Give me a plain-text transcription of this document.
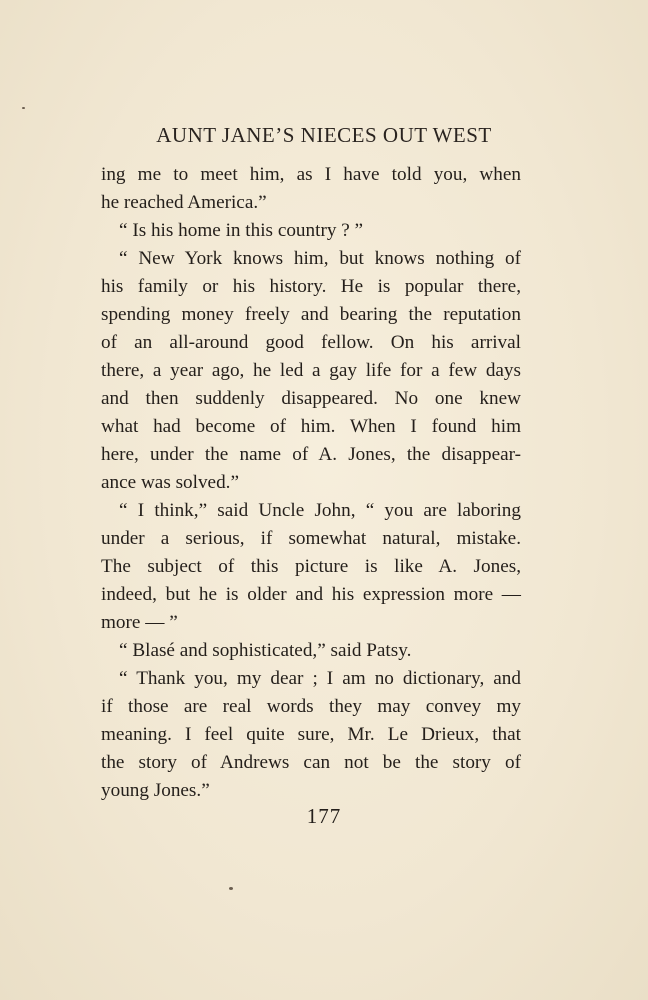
AUNT JANE’S NIECES OUT WEST
ing me to meet him, as I have told you, when
he reached America.”
“ Is his home in this country ? ”
“ New York knows him, but knows nothing of
his family or his history. He is popular there,
spending money freely and bearing the reputation
of an all-around good fellow. On his arrival
there, a year ago, he led a gay life for a few days
and then suddenly disappeared. No one knew
what had become of him. When I found him
here, under the name of A. Jones, the disappear-
ance was solved.”
“ I think,” said Uncle John, “ you are laboring
under a serious, if somewhat natural, mistake.
The subject of this picture is like A. Jones,
indeed, but he is older and his expression more —
more — ”
“ Blasé and sophisticated,” said Patsy.
“ Thank you, my dear ; I am no dictionary, and
if those are real words they may convey my
meaning. I feel quite sure, Mr. Le Drieux, that
the story of Andrews can not be the story of
young Jones.”
177
